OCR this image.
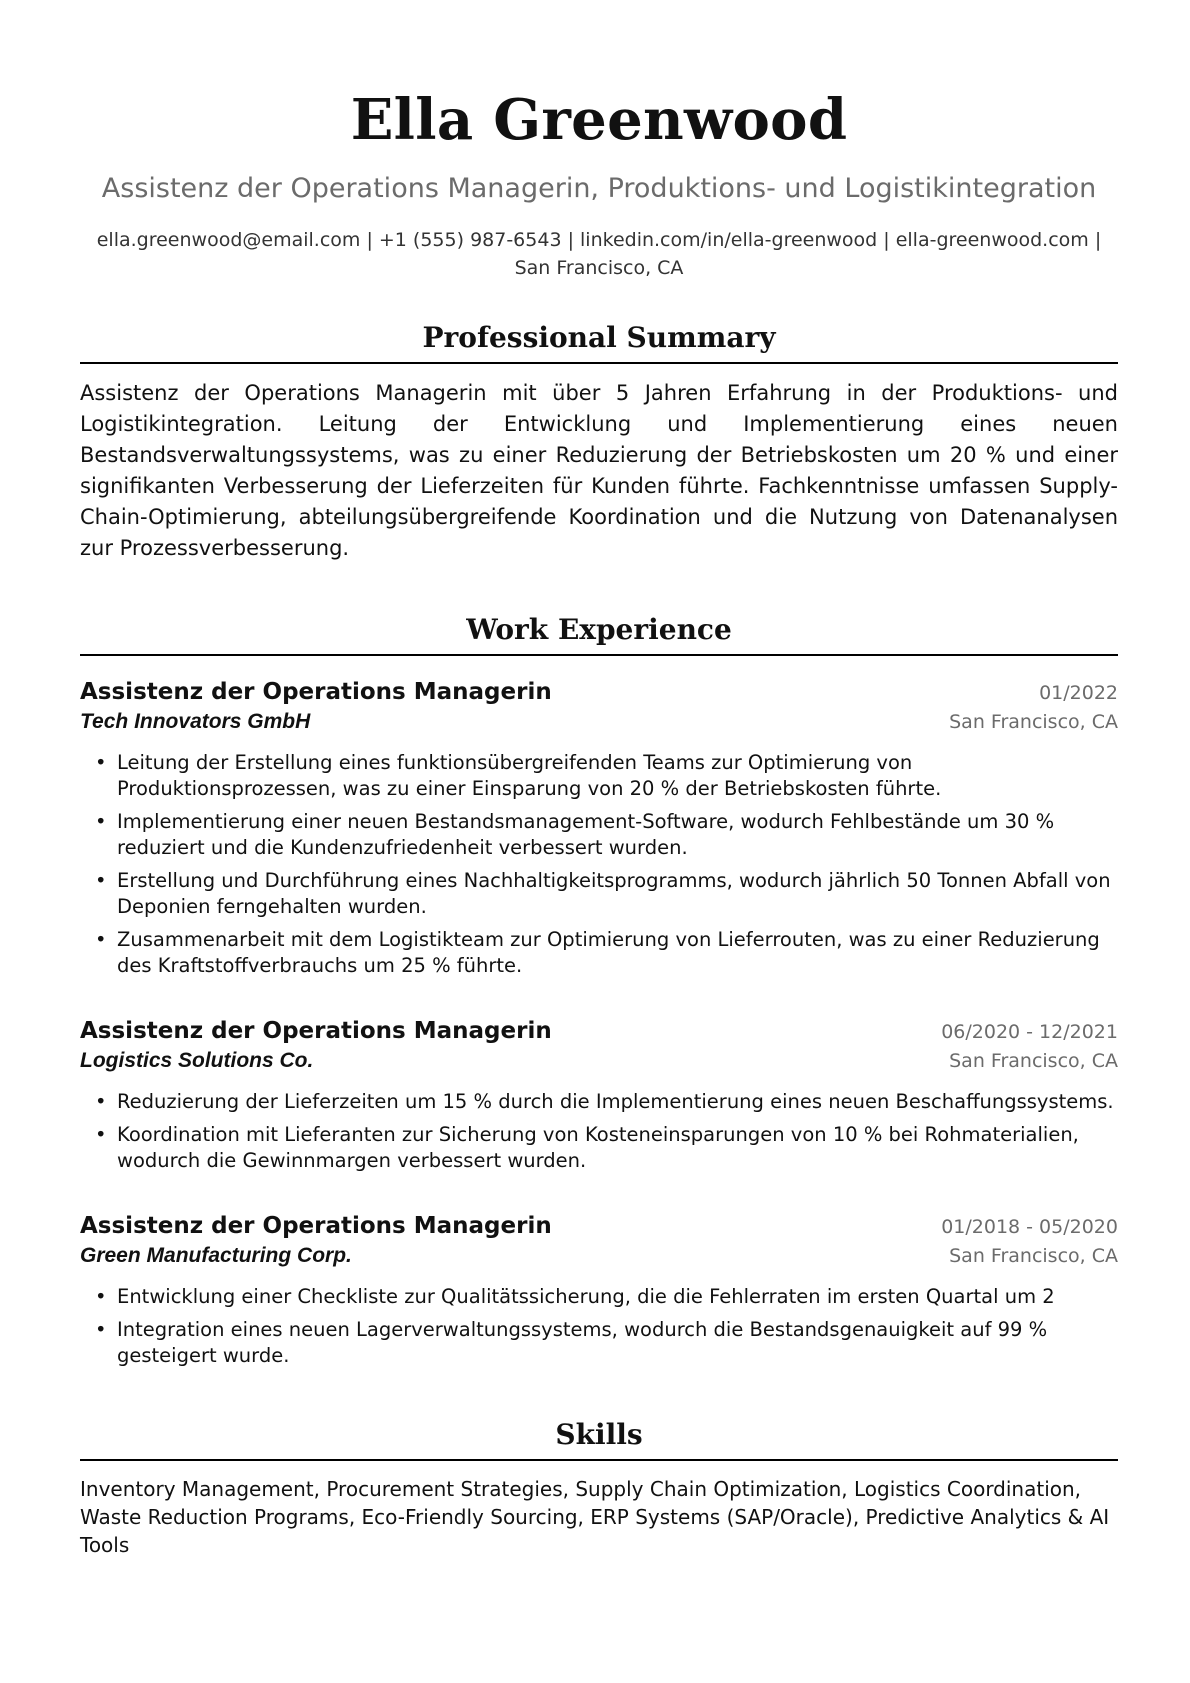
Ella Greenwood
Assistenz der Operations Managerin, Produktions- und Logistikintegration
ella.greenwood@email.com | +1 (555) 987-6543 | linkedin.com/in/ella-greenwood | ella-greenwood.com | San Francisco, CA
Professional Summary

Assistenz der Operations Managerin mit über 5 Jahren Erfahrung in der Produktions- und Logistikintegration. Leitung der Entwicklung und Implementierung eines neuen Bestandsverwaltungssystems, was zu einer Reduzierung der Betriebskosten um 20 % und einer signifikanten Verbesserung der Lieferzeiten für Kunden führte. Fachkenntnisse umfassen Supply-Chain-Optimierung, abteilungsübergreifende Koordination und die Nutzung von Datenanalysen zur Prozessverbesserung.

Work Experience
Assistenz der Operations Managerin	01/2022
Tech Innovators GmbH	San Francisco, CA
• Leitung der Erstellung eines funktionsübergreifenden Teams zur Optimierung von Produktionsprozessen, was zu einer Einsparung von 20 % der Betriebskosten führte.
• Implementierung einer neuen Bestandsmanagement-Software, wodurch Fehlbestände um 30 % reduziert und die Kundenzufriedenheit verbessert wurden.
• Erstellung und Durchführung eines Nachhaltigkeitsprogramms, wodurch jährlich 50 Tonnen Abfall von Deponien ferngehalten wurden.
• Zusammenarbeit mit dem Logistikteam zur Optimierung von Lieferrouten, was zu einer Reduzierung des Kraftstoffverbrauchs um 25 % führte.
Assistenz der Operations Managerin	06/2020 - 12/2021
Logistics Solutions Co.	San Francisco, CA
• Reduzierung der Lieferzeiten um 15 % durch die Implementierung eines neuen Beschaffungssystems.
• Koordination mit Lieferanten zur Sicherung von Kosteneinsparungen von 10 % bei Rohmaterialien, wodurch die Gewinnmargen verbessert wurden.
Assistenz der Operations Managerin	01/2018 - 05/2020
Green Manufacturing Corp.	San Francisco, CA
• Entwicklung einer Checkliste zur Qualitätssicherung, die die Fehlerraten im ersten Quartal um 2
• Integration eines neuen Lagerverwaltungssystems, wodurch die Bestandsgenauigkeit auf 99 % gesteigert wurde.
Skills

Inventory Management, Procurement Strategies, Supply Chain Optimization, Logistics Coordination, Waste Reduction Programs, Eco-Friendly Sourcing, ERP Systems (SAP/Oracle), Predictive Analytics & AI Tools
